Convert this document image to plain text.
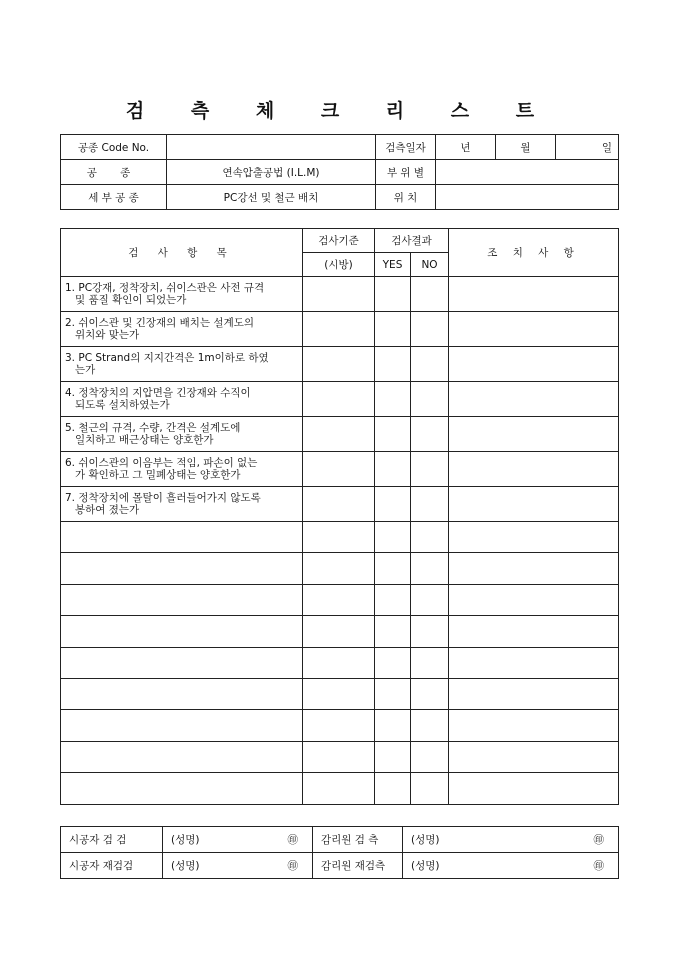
검 측 체 크 리 스 트
공종 Code No.		검측일자	년	월	일
공 종	연속압출공법 (I.L.M)	부 위 별			
세 부 공 종	PC강선 및 철근 배치	위 치			
검 사 항 목	검사기준	검사결과		조 치 사 항
	(시방)	YES	NO	

1. PC강재, 정착장치, 쉬이스관은 사전 규격
및 품질 확인이 되었는가				

2. 쉬이스관 및 긴장재의 배치는 설계도의
위치와 맞는가				

3. PC Strand의 지지간격은 1m이하로 하였
는가				

4. 정착장치의 지압면을 긴장재와 수직이
되도록 설치하였는가				

5. 철근의 규격, 수량, 간격은 설계도에
일치하고 배근상태는 양호한가				

6. 쉬이스관의 이음부는 적임, 파손이 없는
가 확인하고 그 밀폐상태는 양호한가				

7. 정착장치에 몰탈이 흘러들어가지 않도록
봉하여 졌는가				

시공자 검 검	(성명) ㊞	감리원 검 측	(성명) ㊞

시공자 재검검	(성명) ㊞	감리원 재검측	(성명) ㊞
